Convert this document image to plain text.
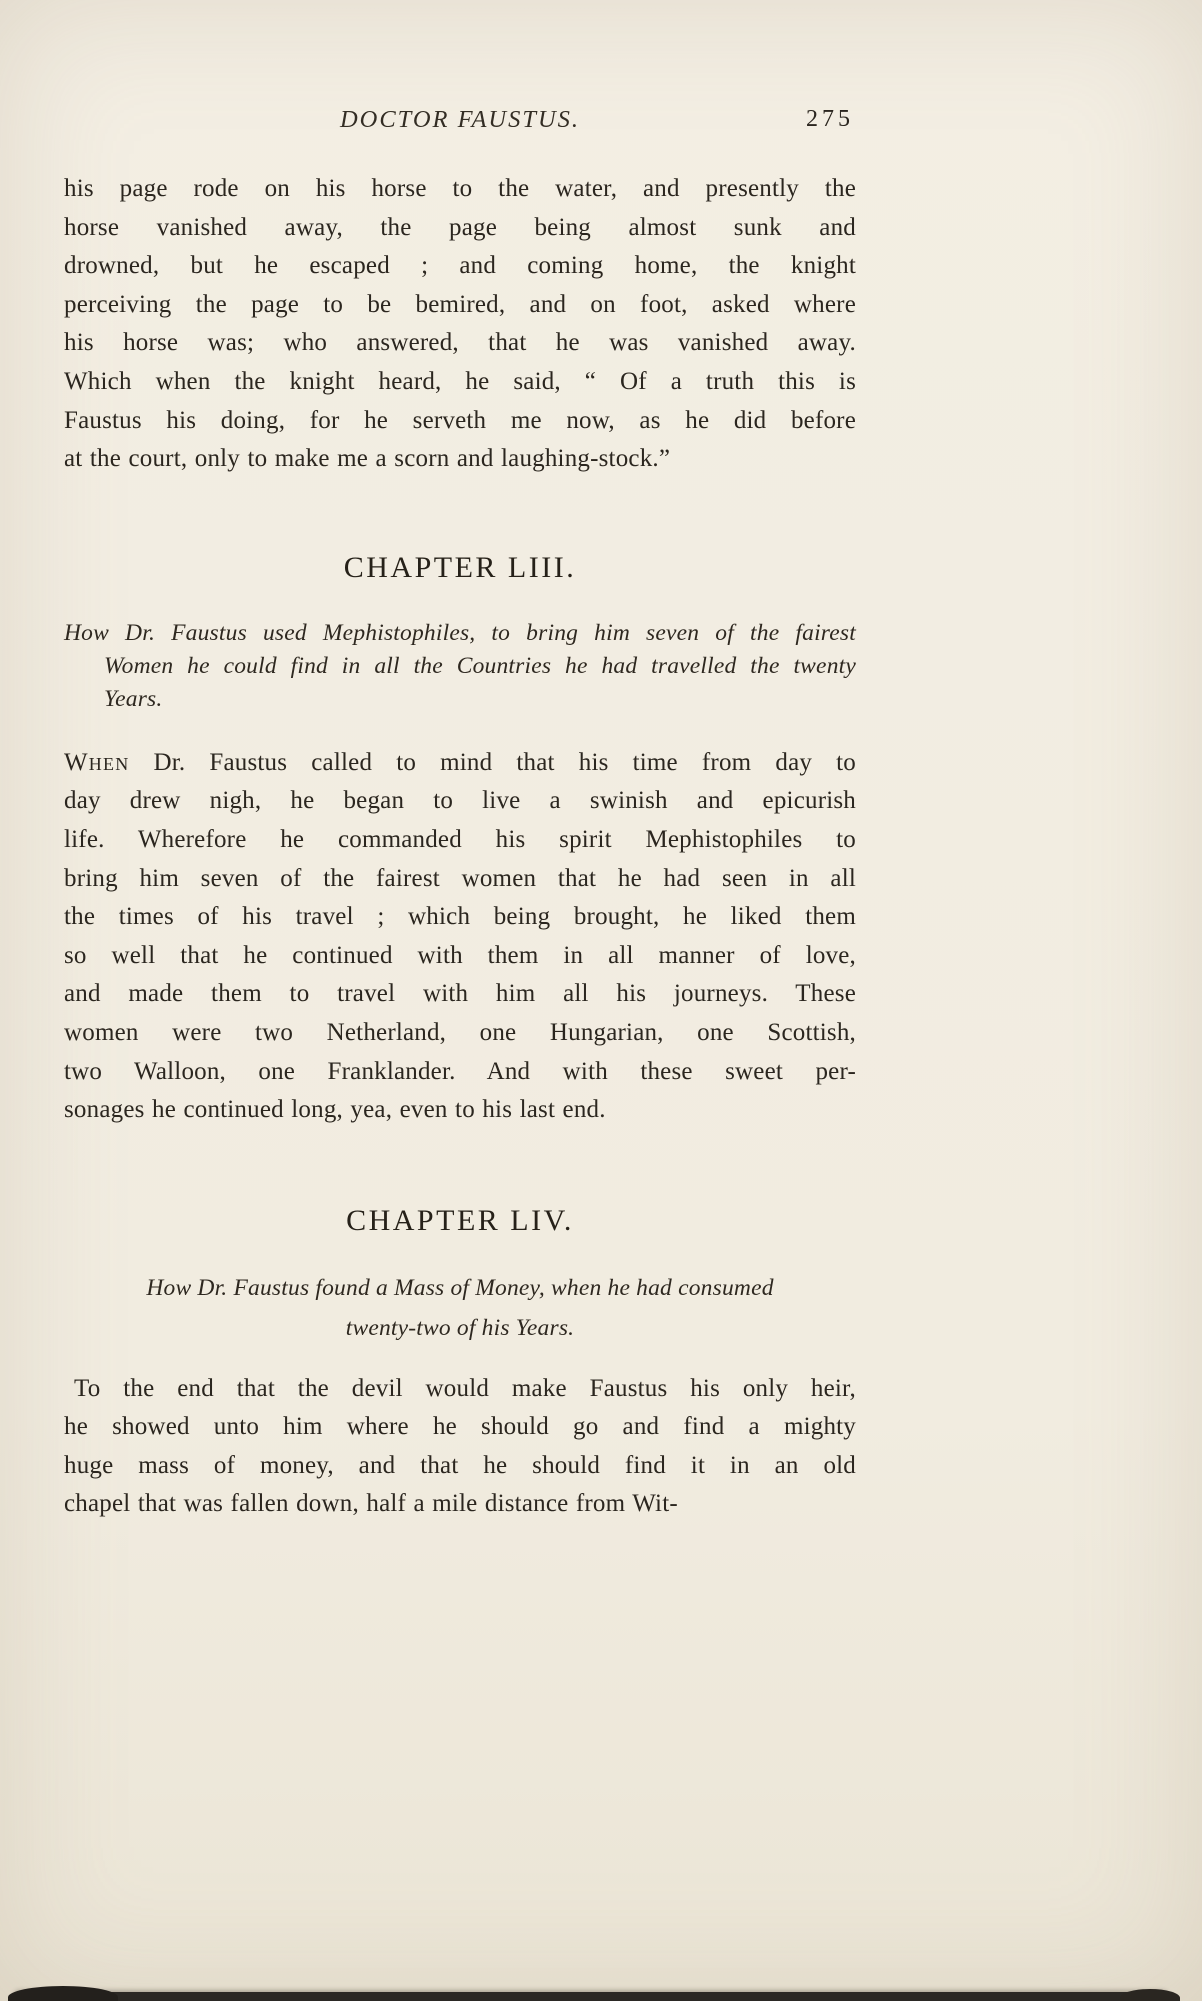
DOCTOR FAUSTUS.	275
his page rode on his horse to the water, and presently the
horse vanished away, the page being almost sunk and
drowned, but he escaped ; and coming home, the knight
perceiving the page to be bemired, and on foot, asked where
his horse was; who answered, that he was vanished away.
Which when the knight heard, he said, “ Of a truth this is
Faustus his doing, for he serveth me now, as he did before
at the court, only to make me a scorn and laughing-stock.”
CHAPTER LIII.
How Dr. Faustus used Mephistophiles, to bring him seven of the fairest
Women he could find in all the Countries he had travelled the twenty
Years.
When Dr. Faustus called to mind that his time from day to
day drew nigh, he began to live a swinish and epicurish
life. Wherefore he commanded his spirit Mephistophiles to
bring him seven of the fairest women that he had seen in all
the times of his travel ; which being brought, he liked them
so well that he continued with them in all manner of love,
and made them to travel with him all his journeys. These
women were two Netherland, one Hungarian, one Scottish,
two Walloon, one Franklander. And with these sweet per-
sonages he continued long, yea, even to his last end.
CHAPTER LIV.
How Dr. Faustus found a Mass of Money, when he had consumed
twenty-two of his Years.
To the end that the devil would make Faustus his only heir,
he showed unto him where he should go and find a mighty
huge mass of money, and that he should find it in an old
chapel that was fallen down, half a mile distance from Wit-
